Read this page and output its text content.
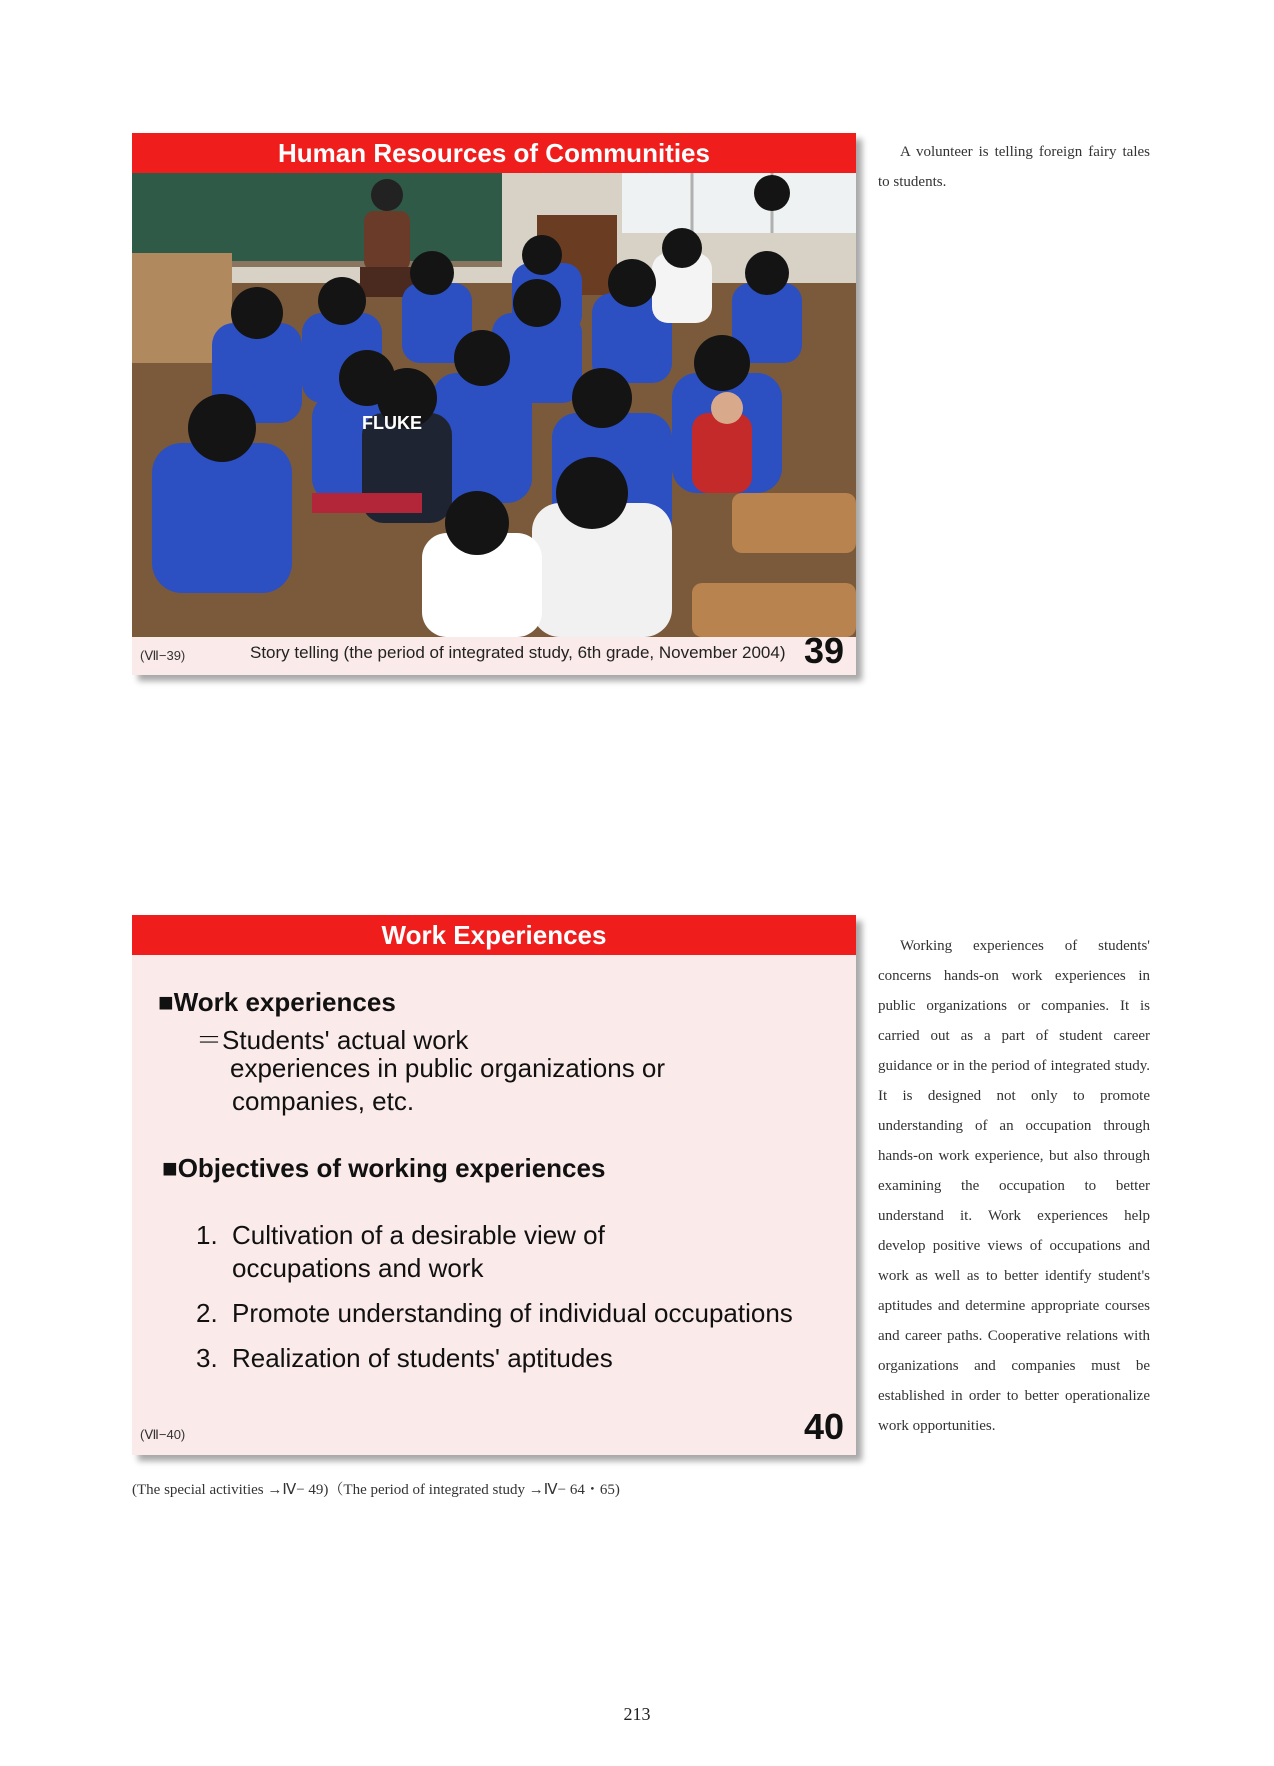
Human Resources of Communities
FLUKE
(Ⅶ−39)	Story telling (the period of integrated study, 6th grade, November 2004) 39
A volunteer is telling foreign fairy tales to students.
Work Experiences
■Work experiences
＝Students' actual work
experiences in public organizations or
companies, etc.
■Objectives of working experiences
1. Cultivation of a desirable view of
occupations and work
2. Promote understanding of individual occupations
3. Realization of students' aptitudes
(Ⅶ−40)	40
Working experiences of students' concerns hands-on work experiences in public organizations or companies. It is carried out as a part of student career guidance or in the period of integrated study. It is designed not only to promote understanding of an occupation through hands-on work experience, but also through examining the occupation to better understand it. Work experiences help develop positive views of occupations and work as well as to better identify student's aptitudes and determine appropriate courses and career paths. Cooperative relations with organizations and companies must be established in order to better operationalize work opportunities.
(The special activities →Ⅳ− 49)（The period of integrated study →Ⅳ− 64・65)
213
